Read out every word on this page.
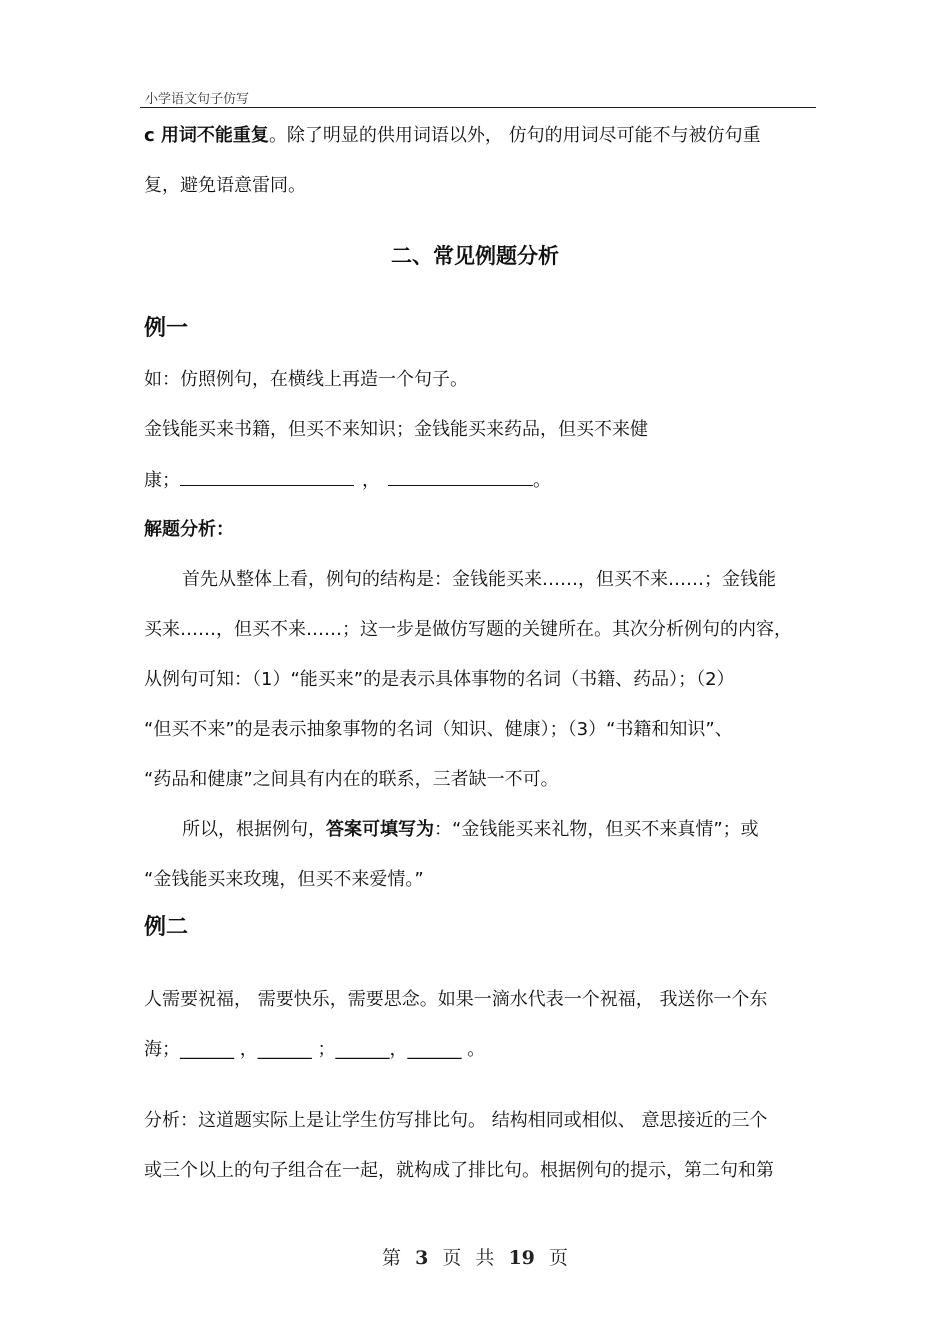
小学语文句子仿写
c 用词不能重复。除了明显的供用词语以外， 仿句的用词尽可能不与被仿句重
复，避免语意雷同。
二、常见例题分析
例一
如：仿照例句，在横线上再造一个句子。
金钱能买来书籍，但买不来知识；金钱能买来药品，但买不来健
康；	，	。
解题分析：
首先从整体上看，例句的结构是：金钱能买来……，但买不来……；金钱能
买来……，但买不来……；这一步是做仿写题的关键所在。其次分析例句的内容，
从例句可知：（1）“能买来”的是表示具体事物的名词（书籍、药品）；（2）
“但买不来”的是表示抽象事物的名词（知识、健康）；（3）“书籍和知识”、
“药品和健康”之间具有内在的联系，三者缺一不可。
所以，根据例句，答案可填写为：“金钱能买来礼物，但买不来真情”；或
“金钱能买来玫瑰，但买不来爱情。”
例二
人需要祝福， 需要快乐，需要思念。如果一滴水代表一个祝福， 我送你一个东
海；______ ，______ ；______，______ 。
分析：这道题实际上是让学生仿写排比句。 结构相同或相似、 意思接近的三个
或三个以上的句子组合在一起，就构成了排比句。根据例句的提示，第二句和第
第 3 页 共 19 页
